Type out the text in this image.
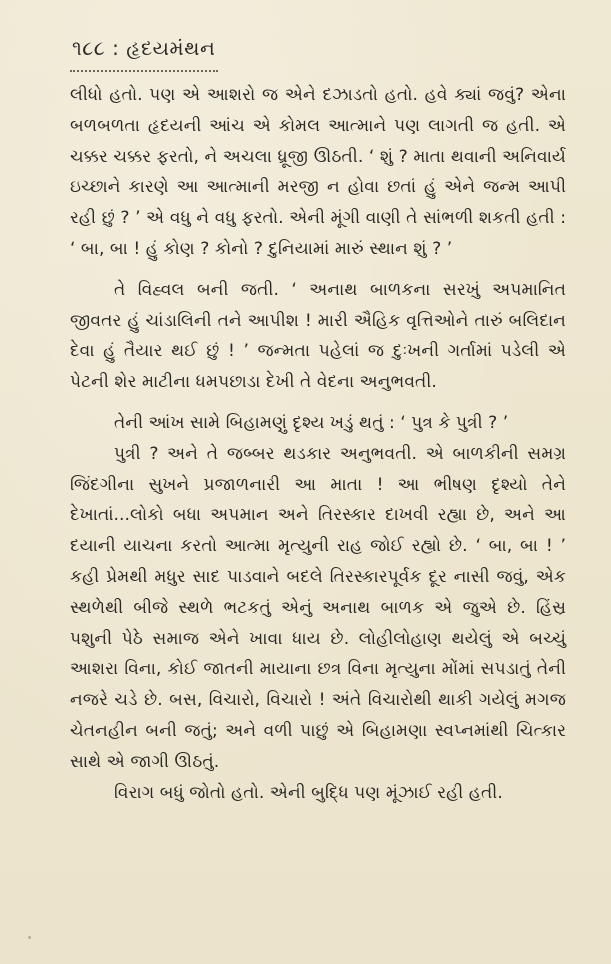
૧૮૮ : હૃદયમંથન

લીધો હતો. પણ એ આશરો જ એને દઝાડતો હતો. હવે ક્યાં જવું? એના બળબળતા હૃદયની આંચ એ કોમલ આત્માને પણ લાગતી જ હતી. એ ચક્કર ચક્કર ફરતો, ને અચલા ધ્રૂજી ઊઠતી. ‘ શું ? માતા થવાની અનિવાર્ય ઇચ્છાને કારણે આ આત્માની મરજી ન હોવા છતાં હું એને જન્મ આપી રહી છું ? ’ એ વધુ ને વધુ ફરતો. એની મૂંગી વાણી તે સાંભળી શકતી હતી : ‘ બા, બા ! હું કોણ ? કોનો ? દુનિયામાં મારું સ્થાન શું ? ’

તે વિહ્વલ બની જતી. ‘ અનાથ બાળકના સરખું અપમાનિત જીવતર હું ચાંડાલિની તને આપીશ ! મારી ઐહિક વૃત્તિઓને તારું બલિદાન દેવા હું તૈયાર થઈ છું ! ’ જન્મતા પહેલાં જ દુઃખની ગર્તામાં પડેલી એ પેટની શેર માટીના ધમપછાડા દેખી તે વેદના અનુભવતી.

તેની આંખ સામે બિહામણું દૃશ્ય ખડું થતું : ‘ પુત્ર કે પુત્રી ? ’

પુત્રી ? અને તે જબ્બર થડકાર અનુભવતી. એ બાળકીની સમગ્ર જિંદગીના સુખને પ્રજાળનારી આ માતા ! આ ભીષણ દૃશ્યો તેને દેખાતાં...લોકો બધા અપમાન અને તિરસ્કાર દાખવી રહ્યા છે, અને આ દયાની યાચના કરતો આત્મા મૃત્યુની રાહ જોઈ રહ્યો છે. ‘ બા, બા ! ’ કહી પ્રેમથી મધુર સાદ પાડવાને બદલે તિરસ્કારપૂર્વક દૂર નાસી જવું, એક સ્થળેથી બીજે સ્થળે ભટકતું એનું અનાથ બાળક એ જુએ છે. હિંસ્ર પશુની પેઠે સમાજ એને ખાવા ધાય છે. લોહીલોહાણ થયેલું એ બચ્ચું આશરા વિના, કોઈ જાતની માયાના છત્ર વિના મૃત્યુના મોંમાં સપડાતું તેની નજરે ચડે છે. બસ, વિચારો, વિચારો ! અંતે વિચારોથી થાકી ગયેલું મગજ ચેતનહીન બની જતું; અને વળી પાછું એ બિહામણા સ્વપ્નમાંથી ચિત્કાર સાથે એ જાગી ઊઠતું.

વિરાગ બધું જોતો હતો. એની બુદ્ધિ પણ મૂંઝાઈ રહી હતી.
